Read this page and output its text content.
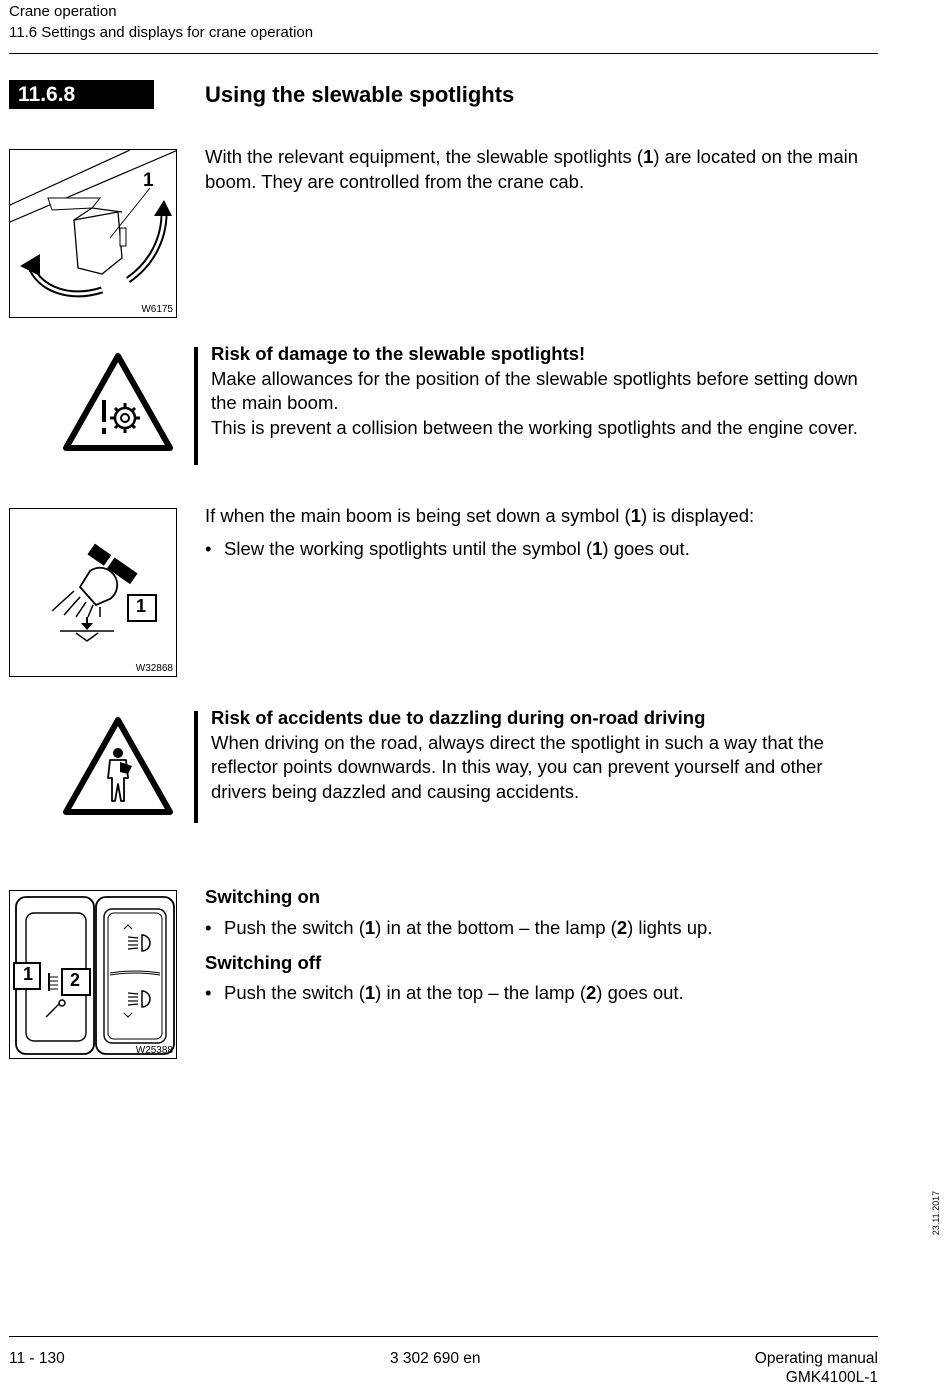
Crane operation
11.6 Settings and displays for crane operation
11.6.8	Using the slewable spotlights
1
W6175
With the relevant equipment, the slewable spotlights (1) are located on the main boom. They are controlled from the crane cab.
Risk of damage to the slewable spotlights!
Make allowances for the position of the slewable spotlights before setting down the main boom.
This is prevent a collision between the working spotlights and the engine cover.
1
W32868
If when the main boom is being set down a symbol (1) is displayed:
• Slew the working spotlights until the symbol (1) goes out.
Risk of accidents due to dazzling during on-road driving
When driving on the road, always direct the spotlight in such a way that the reflector points downwards. In this way, you can prevent yourself and other drivers being dazzled and causing accidents.
1 2
W25388
Switching on
• Push the switch (1) in at the bottom – the lamp (2) lights up.
Switching off
• Push the switch (1) in at the top – the lamp (2) goes out.
23.11.2017
11 - 130	3 302 690 en	Operating manual
GMK4100L-1
